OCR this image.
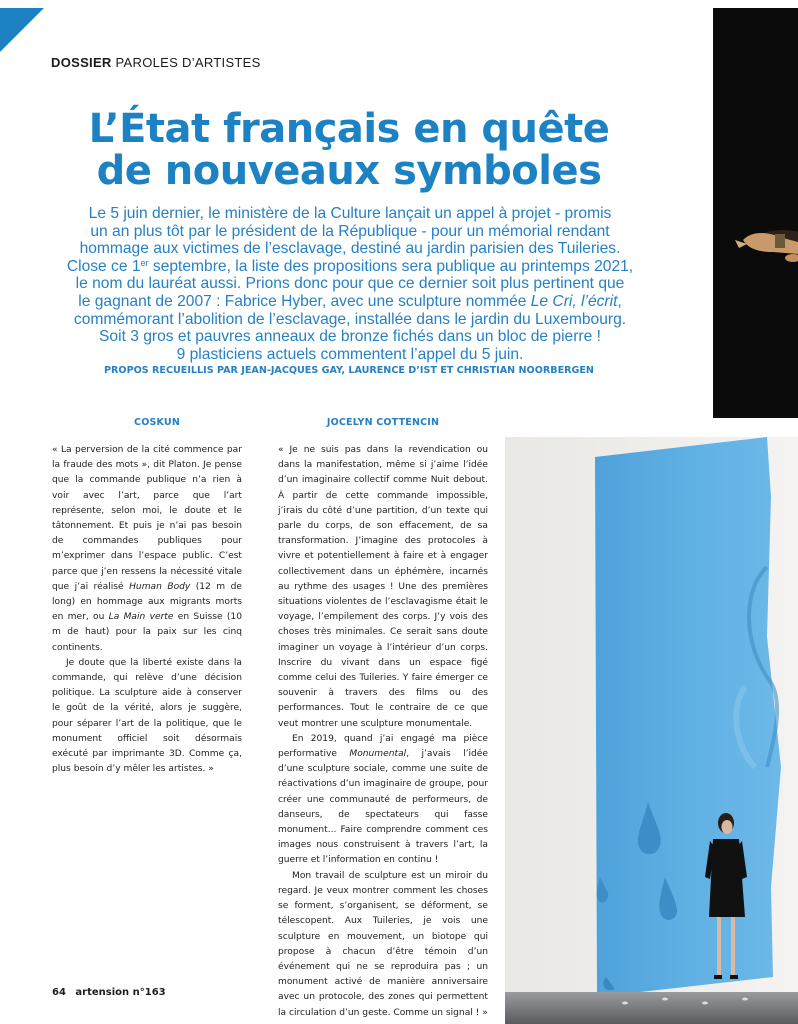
DOSSIER PAROLES D’ARTISTES
L’État français en quête
de nouveaux symboles
Le 5 juin dernier, le ministère de la Culture lançait un appel à projet - promis
un an plus tôt par le président de la République - pour un mémorial rendant
hommage aux victimes de l’esclavage, destiné au jardin parisien des Tuileries.
Close ce 1er septembre, la liste des propositions sera publique au printemps 2021,
le nom du lauréat aussi. Prions donc pour que ce dernier soit plus pertinent que
le gagnant de 2007 : Fabrice Hyber, avec une sculpture nommée Le Cri, l’écrit,
commémorant l’abolition de l’esclavage, installée dans le jardin du Luxembourg.
Soit 3 gros et pauvres anneaux de bronze fichés dans un bloc de pierre !
9 plasticiens actuels commentent l’appel du 5 juin.
PROPOS RECUEILLIS PAR JEAN-JACQUES GAY, LAURENCE D’IST ET CHRISTIAN NOORBERGEN
COSKUN	JOCELYN COTTENCIN

« La perversion de la cité commence par la fraude des mots », dit Platon. Je pense que la commande publique n’a rien à voir avec l’art, parce que l’art représente, selon moi, le doute et le tâtonnement. Et puis je n’ai pas besoin de commandes publiques pour m’exprimer dans l’espace public. C’est parce que j’en ressens la nécessité vitale que j’ai réalisé Human Body (12 m de long) en hommage aux migrants morts en mer, ou La Main verte en Suisse (10 m de haut) pour la paix sur les cinq continents.

Je doute que la liberté existe dans la commande, qui relève d’une décision politique. La sculpture aide à conserver le goût de la vérité, alors je suggère, pour séparer l’art de la politique, que le monument officiel soit désormais exécuté par imprimante 3D. Comme ça, plus besoin d’y mêler les artistes. »

« Je ne suis pas dans la revendication ou dans la manifestation, même si j’aime l’idée d’un imaginaire collectif comme Nuit debout. À partir de cette commande impossible, j’irais du côté d’une partition, d’un texte qui parle du corps, de son effacement, de sa transformation. J’imagine des protocoles à vivre et potentiellement à faire et à engager collectivement dans un éphémère, incarnés au rythme des usages ! Une des premières situations violentes de l’esclavagisme était le voyage, l’empilement des corps. J’y vois des choses très minimales. Ce serait sans doute imaginer un voyage à l’intérieur d’un corps. Inscrire du vivant dans un espace figé comme celui des Tuileries. Y faire émerger ce souvenir à travers des films ou des performances. Tout le contraire de ce que veut montrer une sculpture monumentale.

En 2019, quand j’ai engagé ma pièce performative Monumental, j’avais l’idée d’une sculpture sociale, comme une suite de réactivations d’un imaginaire de groupe, pour créer une communauté de performeurs, de danseurs, de spectateurs qui fasse monument... Faire comprendre comment ces images nous construisent à travers l’art, la guerre et l’information en continu !

Mon travail de sculpture est un miroir du regard. Je veux montrer comment les choses se forment, s’organisent, se déforment, se télescopent. Aux Tuileries, je vois une sculpture en mouvement, un biotope qui propose à chacun d’être témoin d’un événement qui ne se reproduira pas ; un monument activé de manière anniversaire avec un protocole, des zones qui permettent la circulation d’un geste. Comme un signal ! »

64 artension n°163
